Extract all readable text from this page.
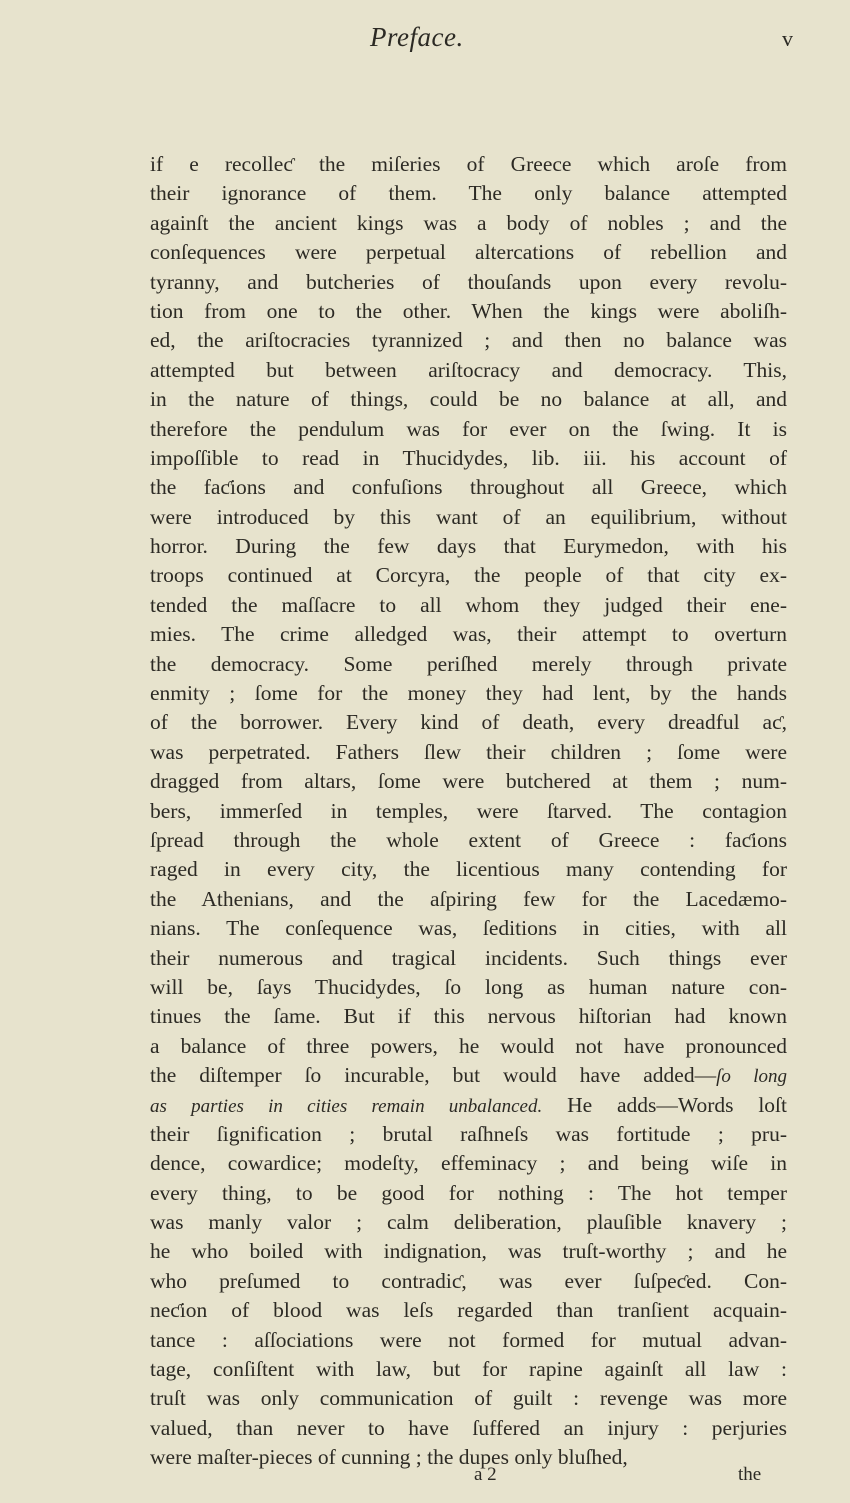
Preface.	v
if e recolleƈ the miſeries of Greece which aroſe from
their ignorance of them. The only balance attempted
againſt the ancient kings was a body of nobles ; and the
conſequences were perpetual altercations of rebellion and
tyranny, and butcheries of thouſands upon every revolu-
tion from one to the other. When the kings were aboliſh-
ed, the ariſtocracies tyrannized ; and then no balance was
attempted but between ariſtocracy and democracy. This,
in the nature of things, could be no balance at all, and
therefore the pendulum was for ever on the ſwing. It is
impoſſible to read in Thucidydes, lib. iii. his account of
the faƈions and confuſions throughout all Greece, which
were introduced by this want of an equilibrium, without
horror. During the few days that Eurymedon, with his
troops continued at Corcyra, the people of that city ex-
tended the maſſacre to all whom they judged their ene-
mies. The crime alledged was, their attempt to overturn
the democracy. Some periſhed merely through private
enmity ; ſome for the money they had lent, by the hands
of the borrower. Every kind of death, every dreadful aƈ,
was perpetrated. Fathers ſlew their children ; ſome were
dragged from altars, ſome were butchered at them ; num-
bers, immerſed in temples, were ſtarved. The contagion
ſpread through the whole extent of Greece : faƈions
raged in every city, the licentious many contending for
the Athenians, and the aſpiring few for the Lacedæmo-
nians. The conſequence was, ſeditions in cities, with all
their numerous and tragical incidents. Such things ever
will be, ſays Thucidydes, ſo long as human nature con-
tinues the ſame. But if this nervous hiſtorian had known
a balance of three powers, he would not have pronounced
the diſtemper ſo incurable, but would have added—ſo long
as parties in cities remain unbalanced. He adds—Words loſt
their ſignification ; brutal raſhneſs was fortitude ; pru-
dence, cowardice; modeſty, effeminacy ; and being wiſe in
every thing, to be good for nothing : The hot temper
was manly valor ; calm deliberation, plauſible knavery ;
he who boiled with indignation, was truſt-worthy ; and he
who preſumed to contradiƈ, was ever ſuſpeƈed. Con-
neƈion of blood was leſs regarded than tranſient acquain-
tance : aſſociations were not formed for mutual advan-
tage, conſiſtent with law, but for rapine againſt all law :
truſt was only communication of guilt : revenge was more
valued, than never to have ſuffered an injury : perjuries
were maſter-pieces of cunning ; the dupes only bluſhed,
a 2	the
